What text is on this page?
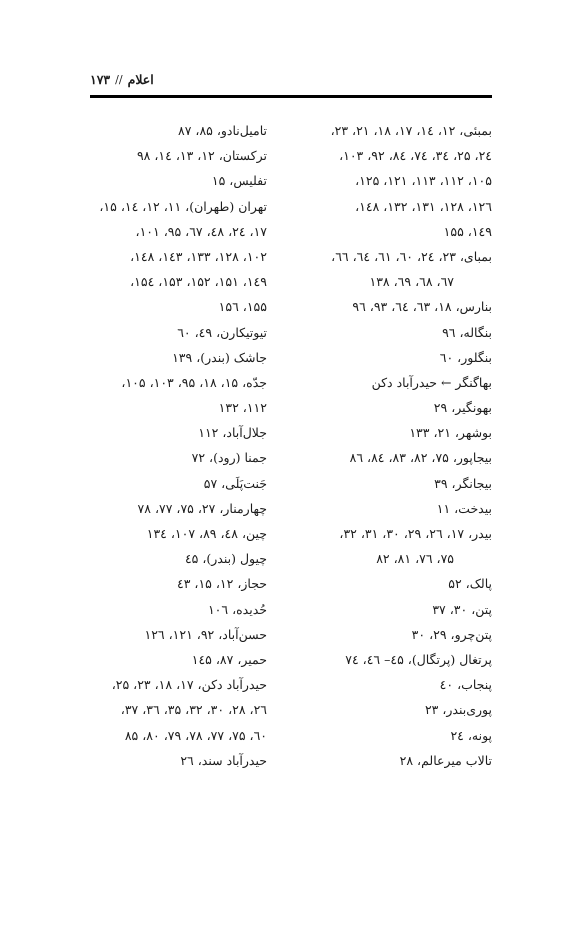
اعلام
//
۱۷۳
بمبئی، ۱۲، ۱٤، ۱۷، ۱۸، ۲۱، ۲۳،
۲٤، ۲۵، ۳٤، ۷٤، ۸٤، ۹۲، ۱۰۳،
۱۰۵، ۱۱۲، ۱۱۳، ۱۲۱، ۱۲۵،
۱۲٦، ۱۲۸، ۱۳۱، ۱۳۲، ۱٤۸،
۱٤۹، ۱۵۵
بمبای، ۲۳، ۲٤، ٦۰، ٦۱، ٦٤، ٦٦،
٦۷، ٦۸، ٦۹، ۱۳۸
بنارس، ۱۸، ٦۳، ٦٤، ۹۳، ۹٦
بنگاله، ۹٦
بنگلور، ٦۰
بهاگنگر ← حیدرآباد دکن
بهونگیر، ۲۹
بوشهر، ۲۱، ۱۳۳
بیجاپور، ۷۵، ۸۲، ۸۳، ۸٤، ۸٦
بیجانگر، ۳۹
بیدخت، ۱۱
بیدر، ۱۷، ۲٦، ۲۹، ۳۰، ۳۱، ۳۲،
۷۵، ۷٦، ۸۱، ۸۲
پالک، ۵۲
پتن، ۳۰، ۳۷
پتن‌چرو، ۲۹، ۳۰
پرتغال (پرتگال)، ٤۵– ٤٦، ۷٤
پنجاب، ٤۰
پوری‌بندر، ۲۳
پونه، ۲٤
تالاب میرعالم، ۲۸
تامیل‌نادو، ۸۵، ۸۷
ترکستان، ۱۲، ۱۳، ۱٤، ۹۸
تفلیس، ۱۵
تهران (طهران)، ۱۱، ۱۲، ۱٤، ۱۵،
۱۷، ۲٤، ٤۸، ٦۷، ۹۵، ۱۰۱،
۱۰۲، ۱۲۸، ۱۳۳، ۱٤۳، ۱٤۸،
۱٤۹، ۱۵۱، ۱۵۲، ۱۵۳، ۱۵٤،
۱۵۵، ۱۵٦
تیوتیکارن، ٤۹، ٦۰
جاشک (بندر)، ۱۳۹
جدّه، ۱۵، ۱۸، ۹۵، ۱۰۳، ۱۰۵،
۱۱۲، ۱۳۲
جلال‌آباد، ۱۱۲
جمنا (رود)، ۷۲
جَنت‌پَلَی، ۵۷
چهارمنار، ۲۷، ۷۵، ۷۷، ۷۸
چین، ٤۸، ۸۹، ۱۰۷، ۱۳٤
چیول (بندر)، ٤۵
حجاز، ۱۲، ۱۵، ٤۳
حُدیده، ۱۰٦
حسن‌آباد، ۹۲، ۱۲۱، ۱۲٦
حمیر، ۸۷، ۱٤۵
حیدرآباد دکن، ۱۷، ۱۸، ۲۳، ۲۵،
۲٦، ۲۸، ۳۰، ۳۲، ۳۵، ۳٦، ۳۷،
٦۰، ۷۵، ۷۷، ۷۸، ۷۹، ۸۰، ۸۵
حیدرآباد سند، ۲٦
